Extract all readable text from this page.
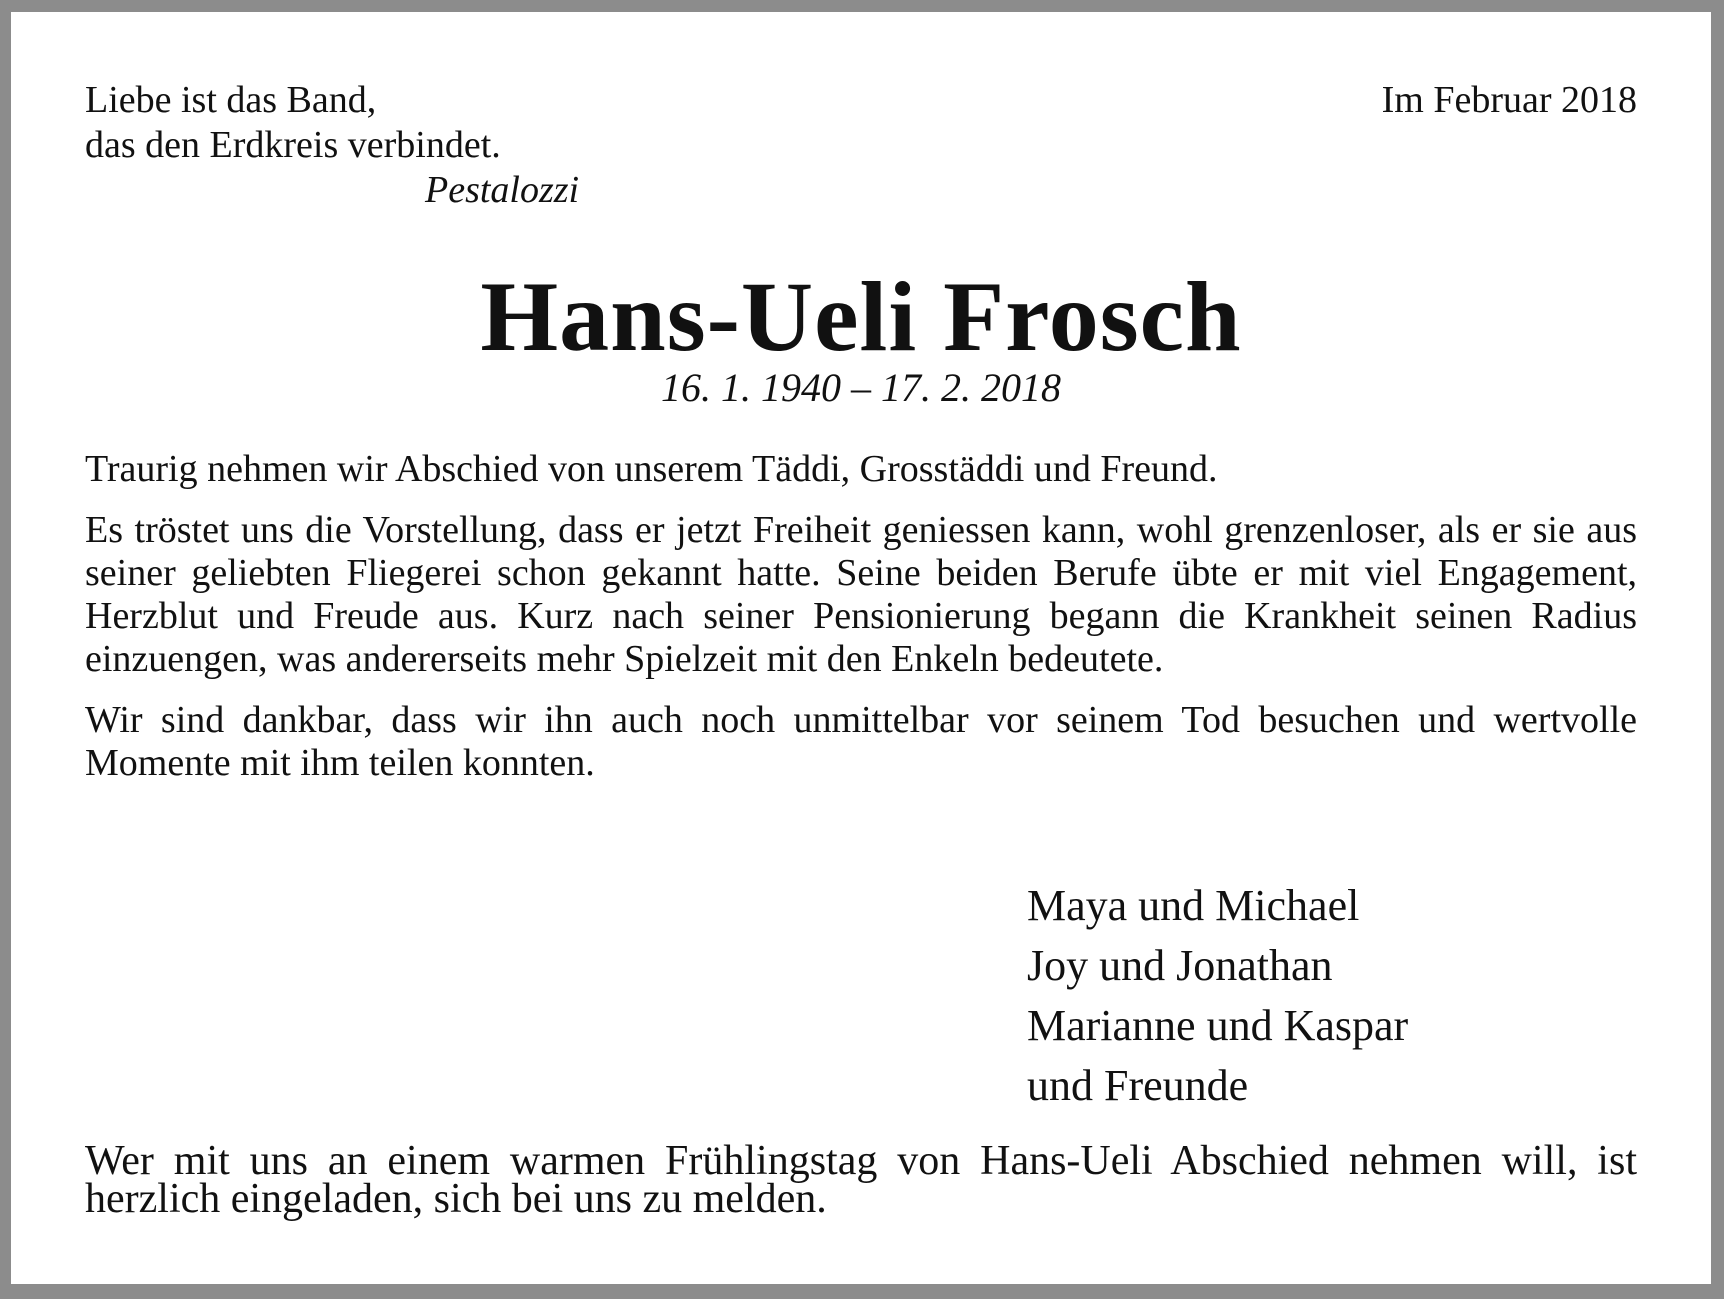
Liebe ist das Band,
das den Erdkreis verbindet.
Pestalozzi
Im Februar 2018
Hans-Ueli Frosch
16. 1. 1940 – 17. 2. 2018

Traurig nehmen wir Abschied von unserem Täddi, Grosstäddi und Freund.

Es tröstet uns die Vorstellung, dass er jetzt Freiheit geniessen kann, wohl grenzenloser, als er sie aus seiner geliebten Fliegerei schon gekannt hatte. Seine beiden Berufe übte er mit viel Engagement, Herzblut und Freude aus. Kurz nach seiner Pensionierung begann die Krankheit seinen Radius einzuengen, was andererseits mehr Spielzeit mit den Enkeln bedeutete.

Wir sind dankbar, dass wir ihn auch noch unmittelbar vor seinem Tod besuchen und wertvolle Momente mit ihm teilen konnten.

Maya und Michael
Joy und Jonathan
Marianne und Kaspar
und Freunde
Wer mit uns an einem warmen Frühlingstag von Hans-Ueli Abschied nehmen will, ist herzlich eingeladen, sich bei uns zu melden.
